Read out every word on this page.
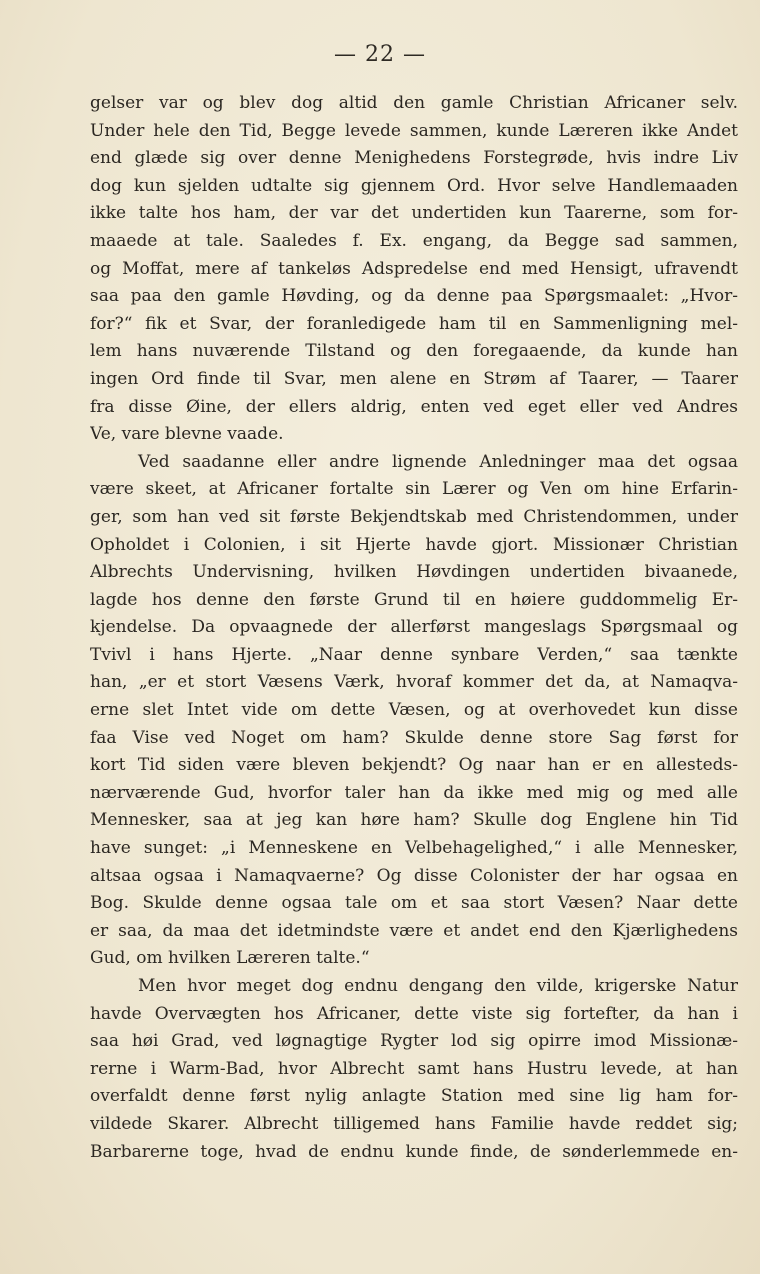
— 22 —
gelser var og blev dog altid den gamle Christian Africaner selv.
Under hele den Tid, Begge levede sammen, kunde Læreren ikke Andet
end glæde sig over denne Menighedens Forstegrøde, hvis indre Liv
dog kun sjelden udtalte sig gjennem Ord. Hvor selve Handlemaaden
ikke talte hos ham, der var det undertiden kun Taarerne, som for-
maaede at tale. Saaledes f. Ex. engang, da Begge sad sammen,
og Moffat, mere af tankeløs Adspredelse end med Hensigt, ufravendt
saa paa den gamle Høvding, og da denne paa Spørgsmaalet: „Hvor-
for?“ fik et Svar, der foranledigede ham til en Sammenligning mel-
lem hans nuværende Tilstand og den foregaaende, da kunde han
ingen Ord finde til Svar, men alene en Strøm af Taarer, — Taarer
fra disse Øine, der ellers aldrig, enten ved eget eller ved Andres
Ve, vare blevne vaade.
Ved saadanne eller andre lignende Anledninger maa det ogsaa
være skeet, at Africaner fortalte sin Lærer og Ven om hine Erfarin-
ger, som han ved sit første Bekjendtskab med Christendommen, under
Opholdet i Colonien, i sit Hjerte havde gjort. Missionær Christian
Albrechts Undervisning, hvilken Høvdingen undertiden bivaanede,
lagde hos denne den første Grund til en høiere guddommelig Er-
kjendelse. Da opvaagnede der allerførst mangeslags Spørgsmaal og
Tvivl i hans Hjerte. „Naar denne synbare Verden,“ saa tænkte
han, „er et stort Væsens Værk, hvoraf kommer det da, at Namaqva-
erne slet Intet vide om dette Væsen, og at overhovedet kun disse
faa Vise ved Noget om ham? Skulde denne store Sag først for
kort Tid siden være bleven bekjendt? Og naar han er en allesteds-
nærværende Gud, hvorfor taler han da ikke med mig og med alle
Mennesker, saa at jeg kan høre ham? Skulle dog Englene hin Tid
have sunget: „i Menneskene en Velbehagelighed,“ i alle Mennesker,
altsaa ogsaa i Namaqvaerne? Og disse Colonister der har ogsaa en
Bog. Skulde denne ogsaa tale om et saa stort Væsen? Naar dette
er saa, da maa det idetmindste være et andet end den Kjærlighedens
Gud, om hvilken Læreren talte.“
Men hvor meget dog endnu dengang den vilde, krigerske Natur
havde Overvægten hos Africaner, dette viste sig fortefter, da han i
saa høi Grad, ved løgnagtige Rygter lod sig opirre imod Missionæ-
rerne i Warm-Bad, hvor Albrecht samt hans Hustru levede, at han
overfaldt denne først nylig anlagte Station med sine lig ham for-
vildede Skarer. Albrecht tilligemed hans Familie havde reddet sig;
Barbarerne toge, hvad de endnu kunde finde, de sønderlemmede en-
